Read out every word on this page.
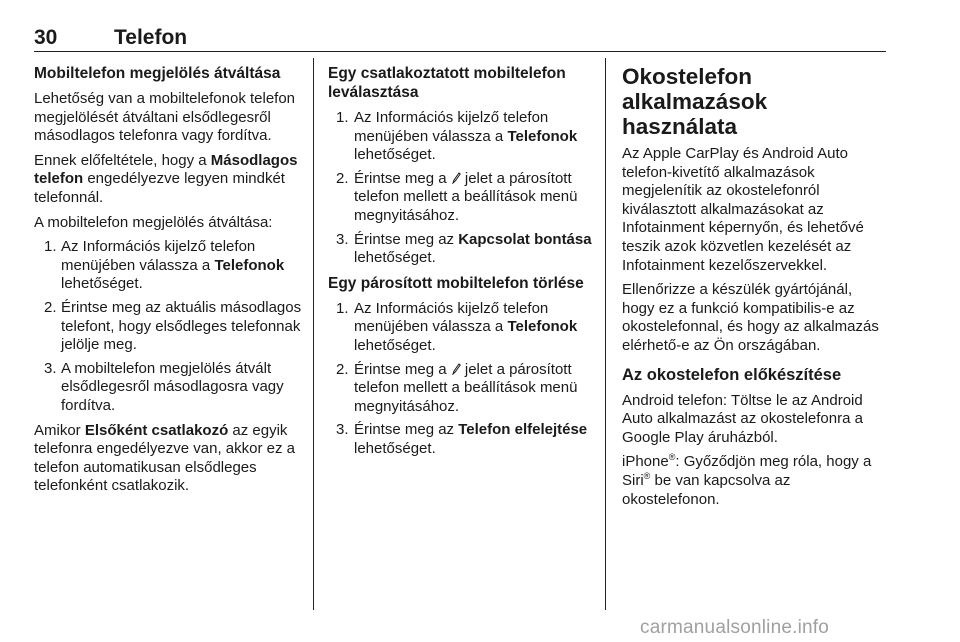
30	Telefon
Mobiltelefon megjelölés átváltása

Lehetőség van a mobiltelefonok telefon megjelölését átváltani elsődlegesről másodlagos telefonra vagy fordítva.

Ennek előfeltétele, hogy a Másodlagos telefon engedélyezve legyen mindkét telefonnál.

A mobiltelefon megjelölés átváltása:

1. Az Információs kijelző telefon menüjében válassza a Telefonok lehetőséget.
2. Érintse meg az aktuális másodlagos telefont, hogy elsődleges telefonnak jelölje meg.
3. A mobiltelefon megjelölés átvált elsődlegesről másodlagosra vagy fordítva.

Amikor Elsőként csatlakozó az egyik telefonra engedélyezve van, akkor ez a telefon automatikusan elsődleges telefonként csatlakozik.

Egy csatlakoztatott mobiltelefon leválasztása
1. Az Információs kijelző telefon menüjében válassza a Telefonok lehetőséget.
2. Érintse meg a  jelet a párosított telefon mellett a beállítások menü megnyitásához.
3. Érintse meg az Kapcsolat bontása lehetőséget.
Egy párosított mobiltelefon törlése
1. Az Információs kijelző telefon menüjében válassza a Telefonok lehetőséget.
2. Érintse meg a  jelet a párosított telefon mellett a beállítások menü megnyitásához.
3. Érintse meg az Telefon elfelejtése lehetőséget.
Okostelefon alkalmazások használata

Az Apple CarPlay és Android Auto telefon-kivetítő alkalmazások megjelenítik az okostelefonról kiválasztott alkalmazásokat az Infotainment képernyőn, és lehetővé teszik azok közvetlen kezelését az Infotainment kezelőszervekkel.

Ellenőrizze a készülék gyártójánál, hogy ez a funkció kompatibilis-e az okostelefonnal, és hogy az alkalmazás elérhető-e az Ön országában.

Az okostelefon előkészítése

Android telefon: Töltse le az Android Auto alkalmazást az okostelefonra a Google Play áruházból.

iPhone®: Győződjön meg róla, hogy a Siri® be van kapcsolva az okostelefonon.

carmanualsonline.info
